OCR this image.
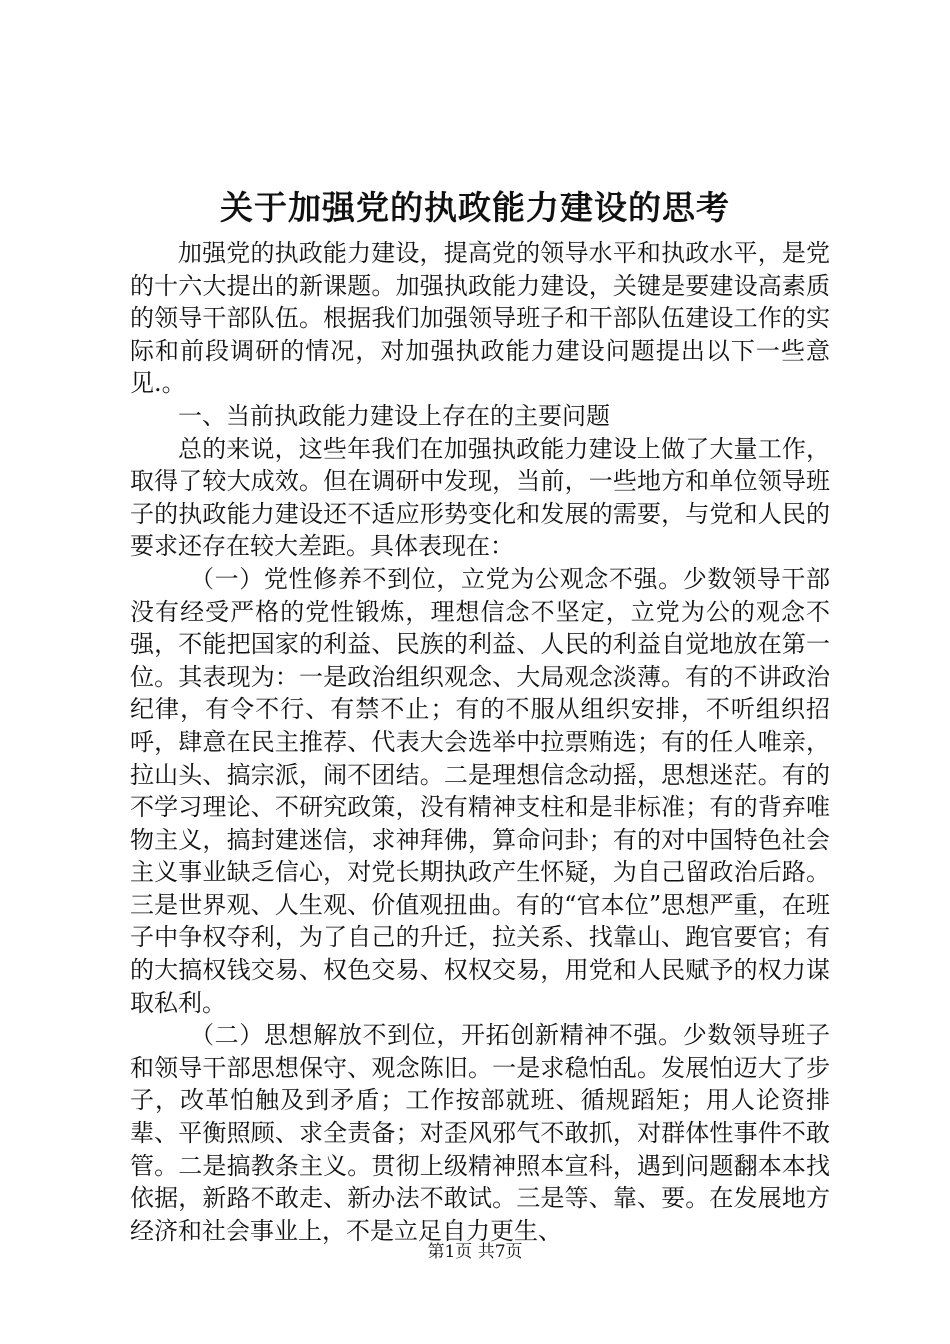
关于加强党的执政能力建设的思考

加强党的执政能力建设，提高党的领导水平和执政水平，是党的十六大提出的新课题。加强执政能力建设，关键是要建设高素质的领导干部队伍。根据我们加强领导班子和干部队伍建设工作的实际和前段调研的情况，对加强执政能力建设问题提出以下一些意见.。

一、当前执政能力建设上存在的主要问题

总的来说，这些年我们在加强执政能力建设上做了大量工作，取得了较大成效。但在调研中发现，当前，一些地方和单位领导班子的执政能力建设还不适应形势变化和发展的需要，与党和人民的要求还存在较大差距。具体表现在：

（一）党性修养不到位，立党为公观念不强。少数领导干部没有经受严格的党性锻炼，理想信念不坚定，立党为公的观念不强，不能把国家的利益、民族的利益、人民的利益自觉地放在第一位。其表现为：一是政治组织观念、大局观念淡薄。有的不讲政治纪律，有令不行、有禁不止；有的不服从组织安排，不听组织招呼，肆意在民主推荐、代表大会选举中拉票贿选；有的任人唯亲，拉山头、搞宗派，闹不团结。二是理想信念动摇，思想迷茫。有的不学习理论、不研究政策，没有精神支柱和是非标准；有的背弃唯物主义，搞封建迷信，求神拜佛，算命问卦；有的对中国特色社会主义事业缺乏信心，对党长期执政产生怀疑，为自己留政治后路。三是世界观、人生观、价值观扭曲。有的“官本位”思想严重，在班子中争权夺利，为了自己的升迁，拉关系、找靠山、跑官要官；有的大搞权钱交易、权色交易、权权交易，用党和人民赋予的权力谋取私利。

（二）思想解放不到位，开拓创新精神不强。少数领导班子和领导干部思想保守、观念陈旧。一是求稳怕乱。发展怕迈大了步子，改革怕触及到矛盾；工作按部就班、循规蹈矩；用人论资排辈、平衡照顾、求全责备；对歪风邪气不敢抓，对群体性事件不敢管。二是搞教条主义。贯彻上级精神照本宣科，遇到问题翻本本找依据，新路不敢走、新办法不敢试。三是等、靠、要。在发展地方经济和社会事业上，不是立足自力更生、

第1页 共7页
